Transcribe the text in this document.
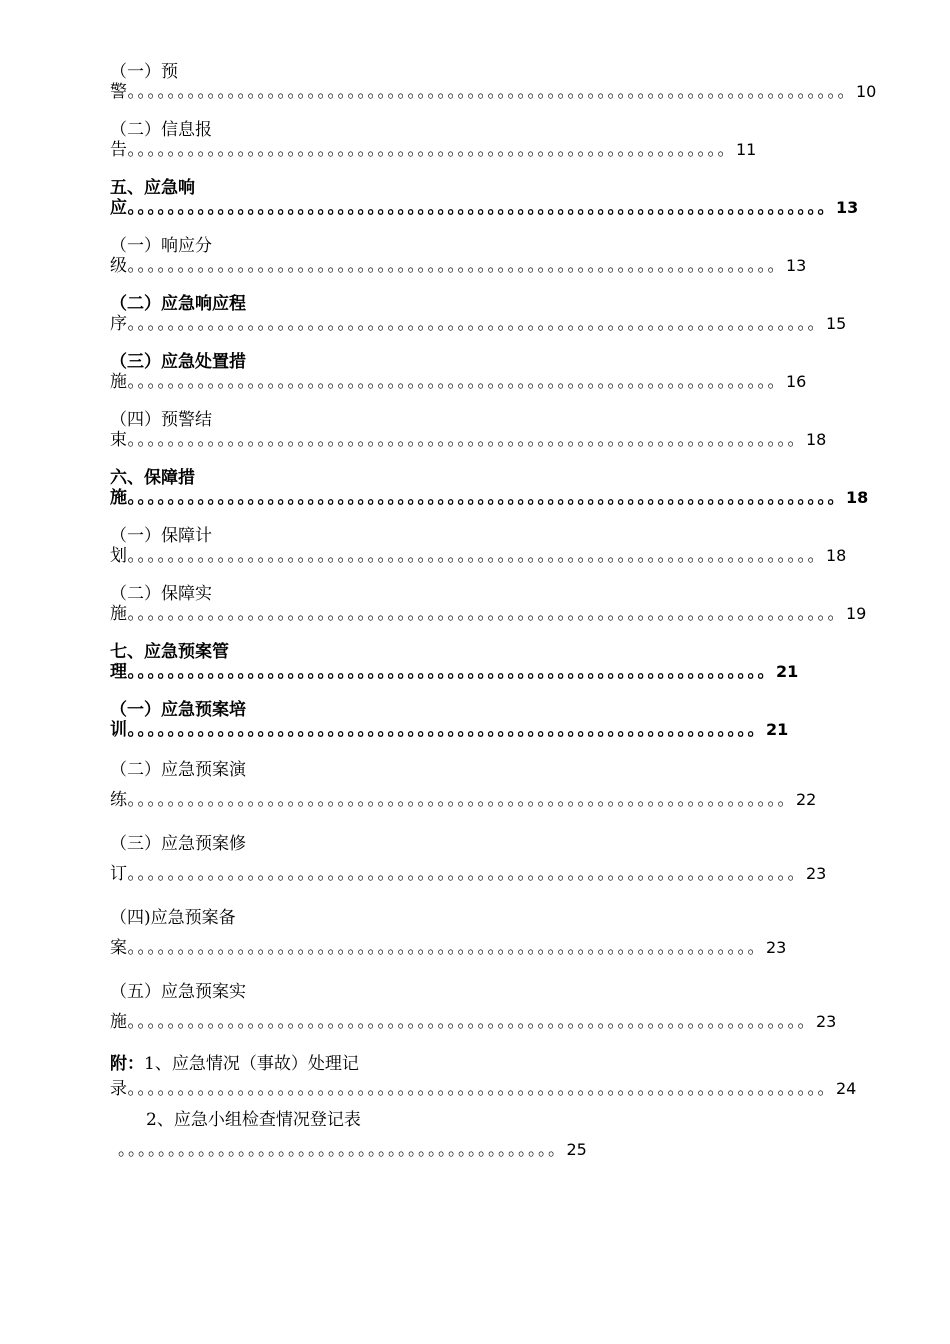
（一）预
警。。。。。。。。。。。。。。。。。。。。。。。。。。。。。。。。。。。。。。。。。。。。。。。。。。。。。。。。。。。。。。。。。。。。。。。。10
（二）信息报
告。。。。。。。。。。。。。。。。。。。。。。。。。。。。。。。。。。。。。。。。。。。。。。。。。。。。。。。。。。。。11
五、应急响
应。。。。。。。。。。。。。。。。。。。。。。。。。。。。。。。。。。。。。。。。。。。。。。。。。。。。。。。。。。。。。。。。。。。。。。13
（一）响应分
级。。。。。。。。。。。。。。。。。。。。。。。。。。。。。。。。。。。。。。。。。。。。。。。。。。。。。。。。。。。。。。。。。13
（二）应急响应程
序。。。。。。。。。。。。。。。。。。。。。。。。。。。。。。。。。。。。。。。。。。。。。。。。。。。。。。。。。。。。。。。。。。。。。15
（三）应急处置措
施。。。。。。。。。。。。。。。。。。。。。。。。。。。。。。。。。。。。。。。。。。。。。。。。。。。。。。。。。。。。。。。。。16
（四）预警结
束。。。。。。。。。。。。。。。。。。。。。。。。。。。。。。。。。。。。。。。。。。。。。。。。。。。。。。。。。。。。。。。。。。。18
六、保障措
施。。。。。。。。。。。。。。。。。。。。。。。。。。。。。。。。。。。。。。。。。。。。。。。。。。。。。。。。。。。。。。。。。。。。。。。18
（一）保障计
划。。。。。。。。。。。。。。。。。。。。。。。。。。。。。。。。。。。。。。。。。。。。。。。。。。。。。。。。。。。。。。。。。。。。。18
（二）保障实
施。。。。。。。。。。。。。。。。。。。。。。。。。。。。。。。。。。。。。。。。。。。。。。。。。。。。。。。。。。。。。。。。。。。。。。。19
七、应急预案管
理。。。。。。。。。。。。。。。。。。。。。。。。。。。。。。。。。。。。。。。。。。。。。。。。。。。。。。。。。。。。。。。。21
（一）应急预案培
训。。。。。。。。。。。。。。。。。。。。。。。。。。。。。。。。。。。。。。。。。。。。。。。。。。。。。。。。。。。。。。。21
（二）应急预案演
练。。。。。。。。。。。。。。。。。。。。。。。。。。。。。。。。。。。。。。。。。。。。。。。。。。。。。。。。。。。。。。。。。。22
（三）应急预案修
订。。。。。。。。。。。。。。。。。。。。。。。。。。。。。。。。。。。。。。。。。。。。。。。。。。。。。。。。。。。。。。。。。。。23
（四)应急预案备
案。。。。。。。。。。。。。。。。。。。。。。。。。。。。。。。。。。。。。。。。。。。。。。。。。。。。。。。。。。。。。。。23
（五）应急预案实
施。。。。。。。。。。。。。。。。。。。。。。。。。。。。。。。。。。。。。。。。。。。。。。。。。。。。。。。。。。。。。。。。。。。。23
附：1、应急情况（事故）处理记
录。。。。。。。。。。。。。。。。。。。。。。。。。。。。。。。。。。。。。。。。。。。。。。。。。。。。。。。。。。。。。。。。。。。。。。24
2、应急小组检查情况登记表
。。。。。。。。。。。。。。。。。。。。。。。。。。。。。。。。。。。。。。。。。。。。25
